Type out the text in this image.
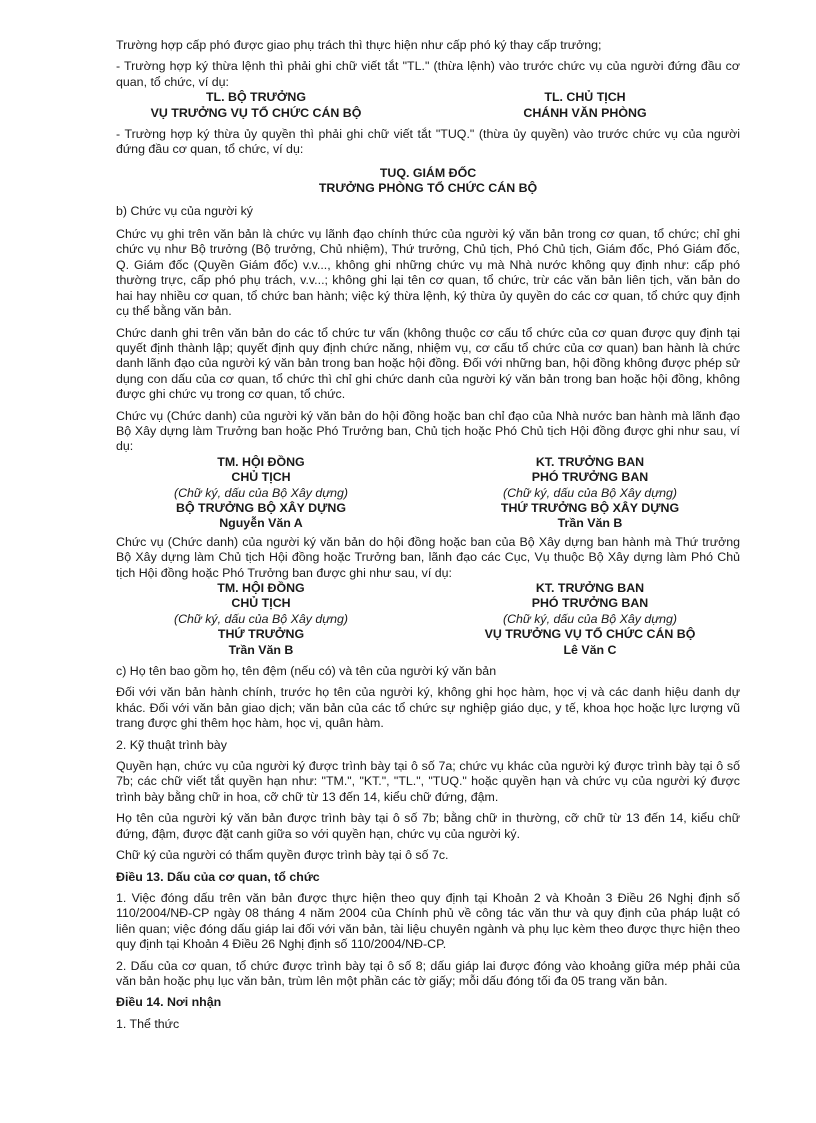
Trường hợp cấp phó được giao phụ trách thì thực hiện như cấp phó ký thay cấp trưởng;

- Trường hợp ký thừa lệnh thì phải ghi chữ viết tắt "TL." (thừa lệnh) vào trước chức vụ của người đứng đầu cơ quan, tổ chức, ví dụ:

TL. BỘ TRƯỞNG
VỤ TRƯỞNG VỤ TỔ CHỨC CÁN BỘ
TL. CHỦ TỊCH
CHÁNH VĂN PHÒNG

- Trường hợp ký thừa ủy quyền thì phải ghi chữ viết tắt "TUQ." (thừa ủy quyền) vào trước chức vụ của người đứng đầu cơ quan, tổ chức, ví dụ:

TUQ. GIÁM ĐỐC
TRƯỞNG PHÒNG TỔ CHỨC CÁN BỘ

b) Chức vụ của người ký

Chức vụ ghi trên văn bản là chức vụ lãnh đạo chính thức của người ký văn bản trong cơ quan, tổ chức; chỉ ghi chức vụ như Bộ trưởng (Bộ trưởng, Chủ nhiệm), Thứ trưởng, Chủ tịch, Phó Chủ tịch, Giám đốc, Phó Giám đốc, Q. Giám đốc (Quyền Giám đốc) v.v..., không ghi những chức vụ mà Nhà nước không quy định như: cấp phó thường trực, cấp phó phụ trách, v.v...; không ghi lại tên cơ quan, tổ chức, trừ các văn bản liên tịch, văn bản do hai hay nhiều cơ quan, tổ chức ban hành; việc ký thừa lệnh, ký thừa ủy quyền do các cơ quan, tổ chức quy định cụ thể bằng văn bản.

Chức danh ghi trên văn bản do các tổ chức tư vấn (không thuộc cơ cấu tổ chức của cơ quan được quy định tại quyết định thành lập; quyết định quy định chức năng, nhiệm vụ, cơ cấu tổ chức của cơ quan) ban hành là chức danh lãnh đạo của người ký văn bản trong ban hoặc hội đồng. Đối với những ban, hội đồng không được phép sử dụng con dấu của cơ quan, tổ chức thì chỉ ghi chức danh của người ký văn bản trong ban hoặc hội đồng, không được ghi chức vụ trong cơ quan, tổ chức.

Chức vụ (Chức danh) của người ký văn bản do hội đồng hoặc ban chỉ đạo của Nhà nước ban hành mà lãnh đạo Bộ Xây dựng làm Trưởng ban hoặc Phó Trưởng ban, Chủ tịch hoặc Phó Chủ tịch Hội đồng được ghi như sau, ví dụ:

TM. HỘI ĐỒNG
CHỦ TỊCH
(Chữ ký, dấu của Bộ Xây dựng)
BỘ TRƯỞNG BỘ XÂY DỰNG
Nguyễn Văn A
KT. TRƯỞNG BAN
PHÓ TRƯỞNG BAN
(Chữ ký, dấu của Bộ Xây dựng)
THỨ TRƯỞNG BỘ XÂY DỰNG
Trần Văn B

Chức vụ (Chức danh) của người ký văn bản do hội đồng hoặc ban của Bộ Xây dựng ban hành mà Thứ trưởng Bộ Xây dựng làm Chủ tịch Hội đồng hoặc Trưởng ban, lãnh đạo các Cục, Vụ thuộc Bộ Xây dựng làm Phó Chủ tịch Hội đồng hoặc Phó Trưởng ban được ghi như sau, ví dụ:

TM. HỘI ĐỒNG
CHỦ TỊCH
(Chữ ký, dấu của Bộ Xây dựng)
THỨ TRƯỞNG
Trần Văn B
KT. TRƯỞNG BAN
PHÓ TRƯỞNG BAN
(Chữ ký, dấu của Bộ Xây dựng)
VỤ TRƯỞNG VỤ TỔ CHỨC CÁN BỘ
Lê Văn C

c) Họ tên bao gồm họ, tên đệm (nếu có) và tên của người ký văn bản

Đối với văn bản hành chính, trước họ tên của người ký, không ghi học hàm, học vị và các danh hiệu danh dự khác. Đối với văn bản giao dịch; văn bản của các tổ chức sự nghiệp giáo dục, y tế, khoa học hoặc lực lượng vũ trang được ghi thêm học hàm, học vị, quân hàm.

2. Kỹ thuật trình bày

Quyền hạn, chức vụ của người ký được trình bày tại ô số 7a; chức vụ khác của người ký được trình bày tại ô số 7b; các chữ viết tắt quyền hạn như: "TM.", "KT.", "TL.", "TUQ." hoặc quyền hạn và chức vụ của người ký được trình bày bằng chữ in hoa, cỡ chữ từ 13 đến 14, kiểu chữ đứng, đậm.

Họ tên của người ký văn bản được trình bày tại ô số 7b; bằng chữ in thường, cỡ chữ từ 13 đến 14, kiểu chữ đứng, đậm, được đặt canh giữa so với quyền hạn, chức vụ của người ký.

Chữ ký của người có thẩm quyền được trình bày tại ô số 7c.

Điều 13. Dấu của cơ quan, tổ chức

1. Việc đóng dấu trên văn bản được thực hiện theo quy định tại Khoản 2 và Khoản 3 Điều 26 Nghị định số 110/2004/NĐ-CP ngày 08 tháng 4 năm 2004 của Chính phủ về công tác văn thư và quy định của pháp luật có liên quan; việc đóng dấu giáp lai đối với văn bản, tài liệu chuyên ngành và phụ lục kèm theo được thực hiện theo quy định tại Khoản 4 Điều 26 Nghị định số 110/2004/NĐ-CP.

2. Dấu của cơ quan, tổ chức được trình bày tại ô số 8; dấu giáp lai được đóng vào khoảng giữa mép phải của văn bản hoặc phụ lục văn bản, trùm lên một phần các tờ giấy; mỗi dấu đóng tối đa 05 trang văn bản.

Điều 14. Nơi nhận

1. Thể thức
